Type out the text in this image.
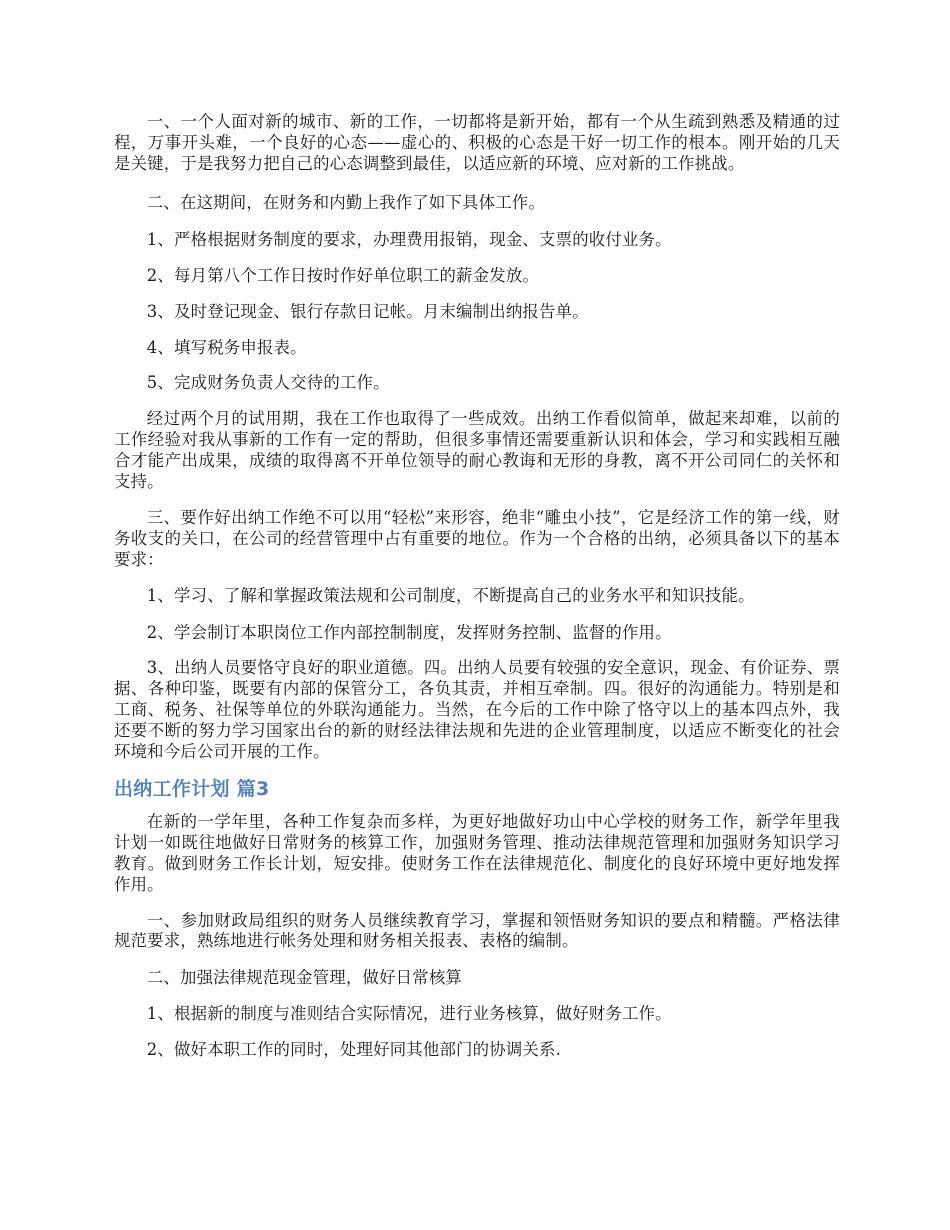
一、一个人面对新的城市、新的工作，一切都将是新开始，都有一个从生疏到熟悉及精通的过程，万事开头难，一个良好的心态——虚心的、积极的心态是干好一切工作的根本。刚开始的几天是关键，于是我努力把自己的心态调整到最佳，以适应新的环境、应对新的工作挑战。

二、在这期间，在财务和内勤上我作了如下具体工作。

1、严格根据财务制度的要求，办理费用报销，现金、支票的收付业务。

2、每月第八个工作日按时作好单位职工的薪金发放。

3、及时登记现金、银行存款日记帐。月末编制出纳报告单。

4、填写税务申报表。

5、完成财务负责人交待的工作。

经过两个月的试用期，我在工作也取得了一些成效。出纳工作看似简单，做起来却难，以前的工作经验对我从事新的工作有一定的帮助，但很多事情还需要重新认识和体会，学习和实践相互融合才能产出成果，成绩的取得离不开单位领导的耐心教诲和无形的身教，离不开公司同仁的关怀和支持。

三、要作好出纳工作绝不可以用“轻松”来形容，绝非“雕虫小技”，它是经济工作的第一线，财务收支的关口，在公司的经营管理中占有重要的地位。作为一个合格的出纳，必须具备以下的基本要求：

1、学习、了解和掌握政策法规和公司制度，不断提高自己的业务水平和知识技能。

2、学会制订本职岗位工作内部控制制度，发挥财务控制、监督的作用。

3、出纳人员要恪守良好的职业道德。四。出纳人员要有较强的安全意识，现金、有价证券、票据、各种印鉴，既要有内部的保管分工，各负其责，并相互牵制。四。很好的沟通能力。特别是和工商、税务、社保等单位的外联沟通能力。当然，在今后的工作中除了恪守以上的基本四点外，我还要不断的努力学习国家出台的新的财经法律法规和先进的企业管理制度，以适应不断变化的社会环境和今后公司开展的工作。

出纳工作计划 篇3

在新的一学年里，各种工作复杂而多样，为更好地做好功山中心学校的财务工作，新学年里我计划一如既往地做好日常财务的核算工作，加强财务管理、推动法律规范管理和加强财务知识学习教育。做到财务工作长计划，短安排。使财务工作在法律规范化、制度化的良好环境中更好地发挥作用。

一、参加财政局组织的财务人员继续教育学习，掌握和领悟财务知识的要点和精髓。严格法律规范要求，熟练地进行帐务处理和财务相关报表、表格的编制。

二、加强法律规范现金管理，做好日常核算

1、根据新的制度与准则结合实际情况，进行业务核算，做好财务工作。

2、做好本职工作的同时，处理好同其他部门的协调关系.
